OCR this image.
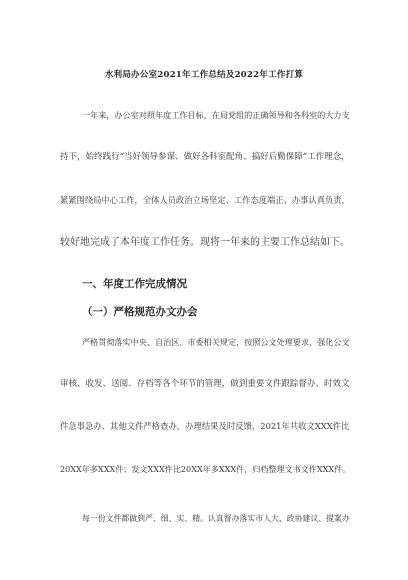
水利局办公室2021年工作总结及2022年工作打算
一年来，办公室对照年度工作目标，在局党组的正确领导和各科室的大力支
持下，始终践行“当好领导参谋、做好各科室配角、搞好后勤保障”工作理念，
紧紧围绕局中心工作，全体人员政治立场坚定、工作态度端正、办事认真负责，
较好地完成了本年度工作任务。现将一年来的主要工作总结如下。
一、年度工作完成情况
（一）严格规范办文办会
严格贯彻落实中央、自治区、市委相关规定，按照公文处理要求，强化公文
审核、收发、送阅、存档等各个环节的管理，做到重要文件跟踪督办、时效文
件急事急办、其他文件严格查办，办理结果及时反馈，2021年共收文XXX件比
20XX年多XXX件；发文XXX件比20XX年多XXX件，归档整理文书文件XXX件。
每一份文件都做到严、细、实、精。认真督办落实市人大、政协建议、提案办
